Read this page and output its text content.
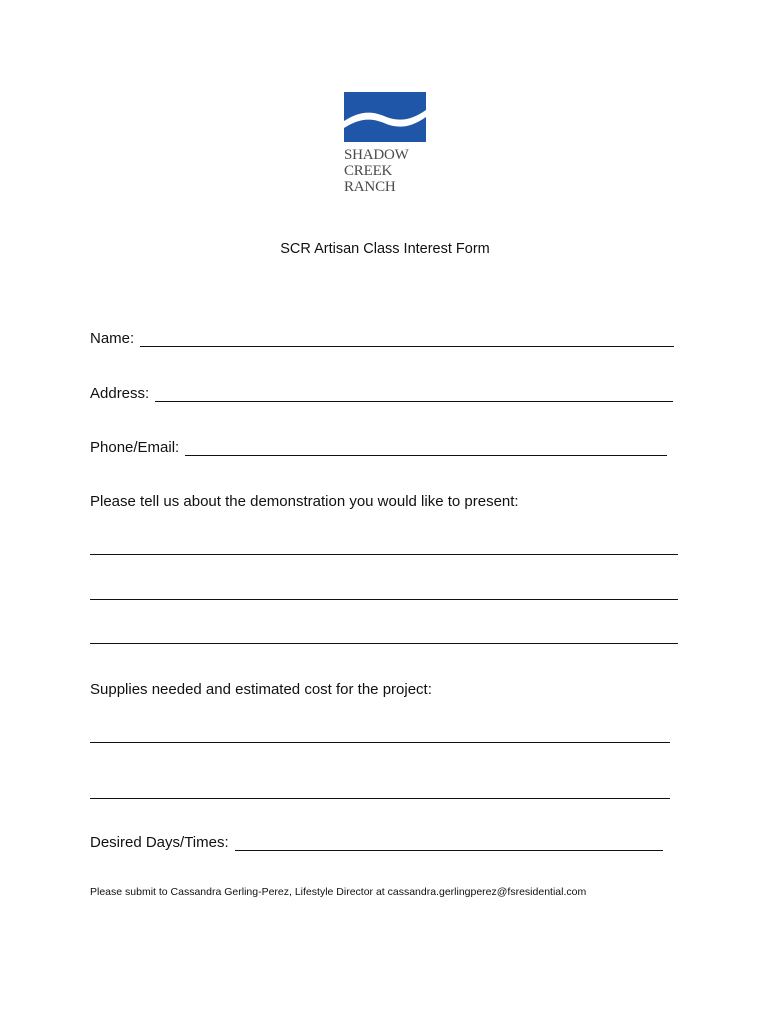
SHADOW
CREEK
RANCH
SCR Artisan Class Interest Form
Name:
Address:
Phone/Email:
Please tell us about the demonstration you would like to present:
Supplies needed and estimated cost for the project:
Desired Days/Times:
Please submit to Cassandra Gerling-Perez, Lifestyle Director at cassandra.gerlingperez@fsresidential.com
